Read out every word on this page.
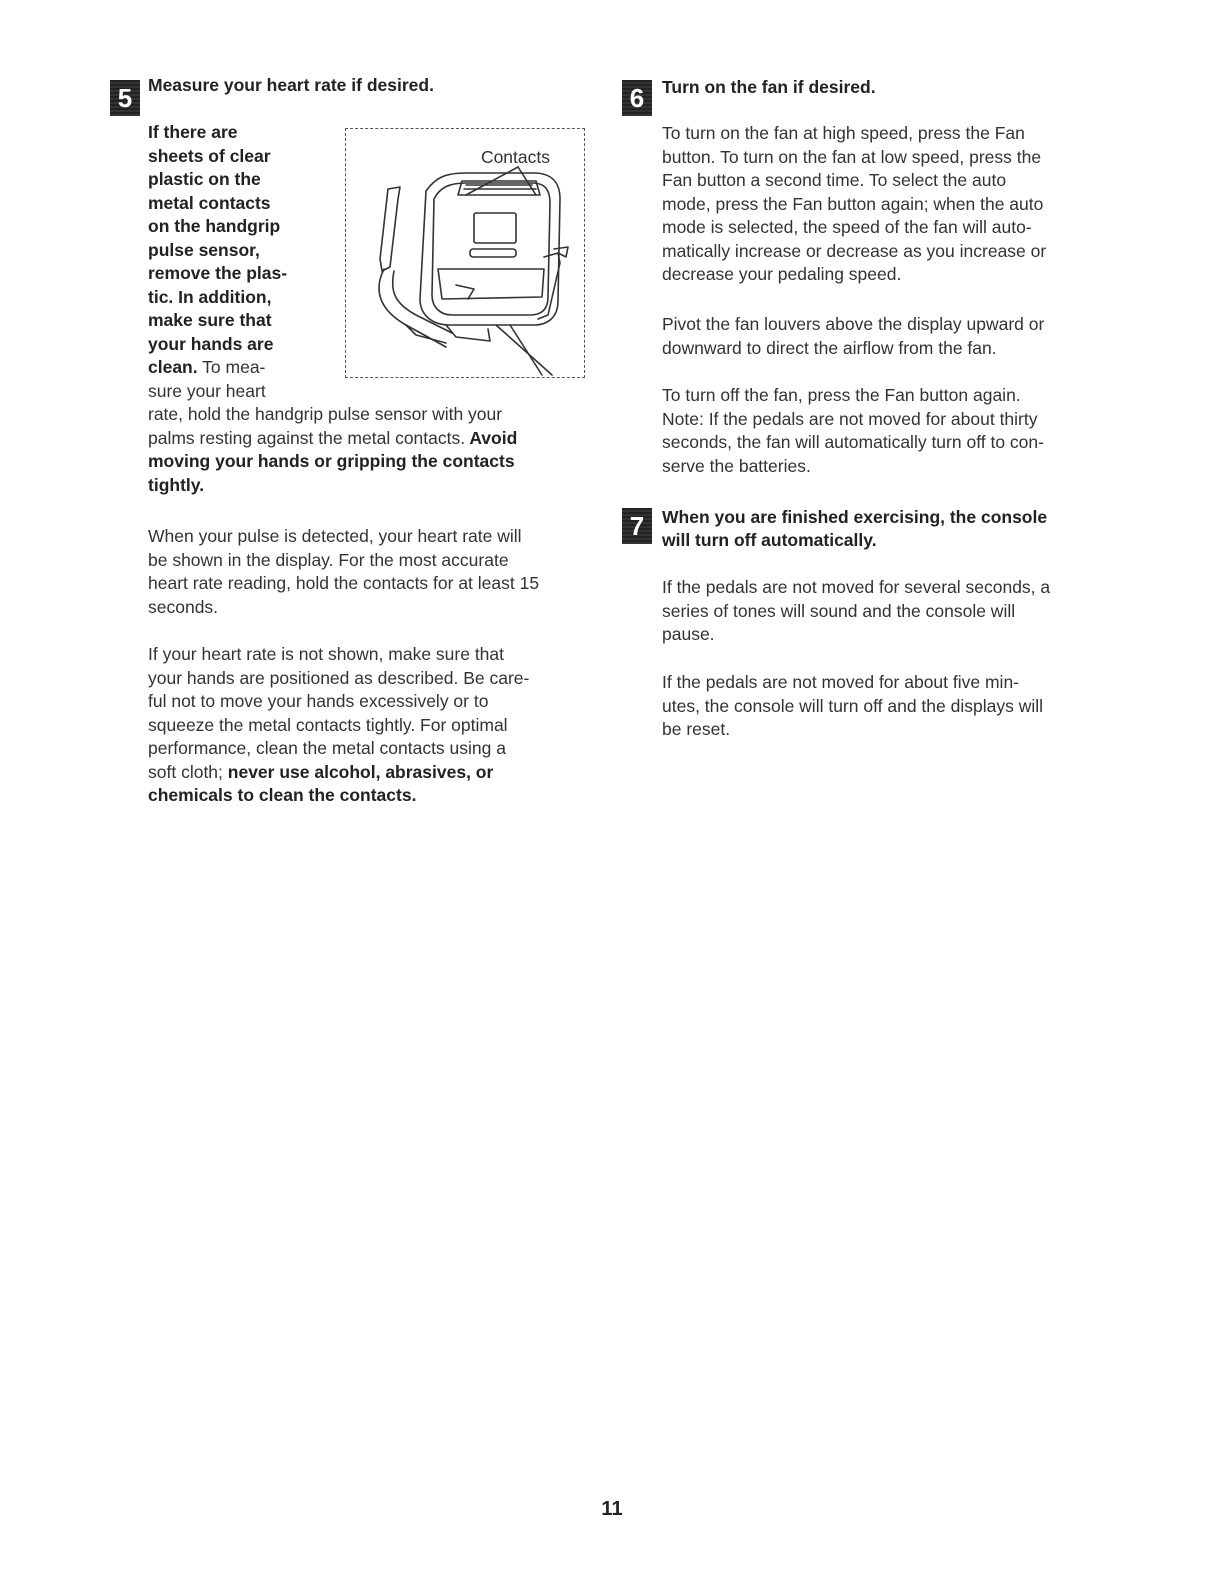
5 Measure your heart rate if desired.
If there are
sheets of clear
plastic on the
metal contacts
on the handgrip
pulse sensor,
remove the plas-
tic. In addition,
make sure that
your hands are
clean. To mea-
sure your heart
rate, hold the handgrip pulse sensor with your
palms resting against the metal contacts. Avoid
moving your hands or gripping the contacts
tightly.
Contacts
When your pulse is detected, your heart rate will
be shown in the display. For the most accurate
heart rate reading, hold the contacts for at least 15
seconds.
If your heart rate is not shown, make sure that
your hands are positioned as described. Be care-
ful not to move your hands excessively or to
squeeze the metal contacts tightly. For optimal
performance, clean the metal contacts using a
soft cloth; never use alcohol, abrasives, or
chemicals to clean the contacts.
6	Turn on the fan if desired.
To turn on the fan at high speed, press the Fan
button. To turn on the fan at low speed, press the
Fan button a second time. To select the auto
mode, press the Fan button again; when the auto
mode is selected, the speed of the fan will auto-
matically increase or decrease as you increase or
decrease your pedaling speed.
Pivot the fan louvers above the display upward or
downward to direct the airflow from the fan.
To turn off the fan, press the Fan button again.
Note: If the pedals are not moved for about thirty
seconds, the fan will automatically turn off to con-
serve the batteries.
7	When you are finished exercising, the console
will turn off automatically.
If the pedals are not moved for several seconds, a
series of tones will sound and the console will
pause.
If the pedals are not moved for about five min-
utes, the console will turn off and the displays will
be reset.
11
